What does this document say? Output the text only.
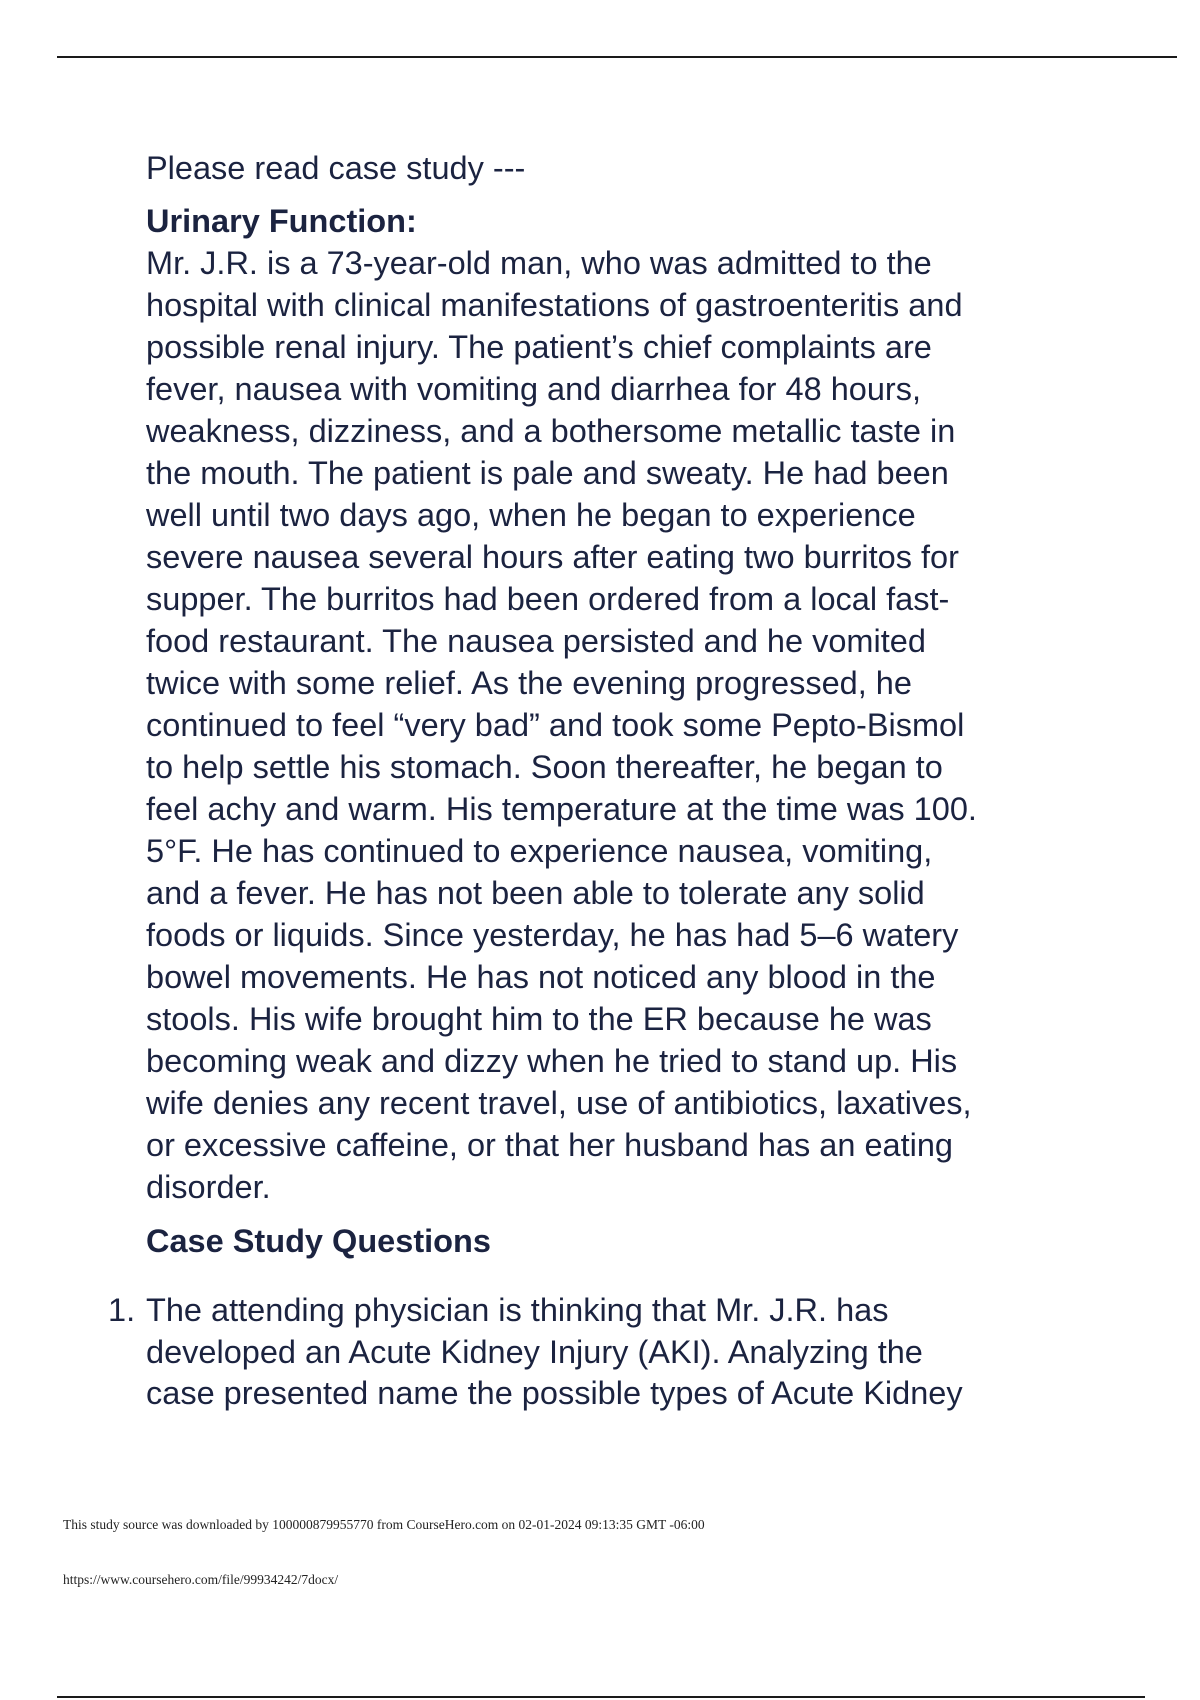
Please read case study ---

Urinary Function:

Mr. J.R. is a 73-year-old man, who was admitted to the
hospital with clinical manifestations of gastroenteritis and
possible renal injury. The patient’s chief complaints are
fever, nausea with vomiting and diarrhea for 48 hours,
weakness, dizziness, and a bothersome metallic taste in
the mouth. The patient is pale and sweaty. He had been
well until two days ago, when he began to experience
severe nausea several hours after eating two burritos for
supper. The burritos had been ordered from a local fast-
food restaurant. The nausea persisted and he vomited
twice with some relief. As the evening progressed, he
continued to feel “very bad” and took some Pepto-Bismol
to help settle his stomach. Soon thereafter, he began to
feel achy and warm. His temperature at the time was 100.
5°F. He has continued to experience nausea, vomiting,
and a fever. He has not been able to tolerate any solid
foods or liquids. Since yesterday, he has had 5–6 watery
bowel movements. He has not noticed any blood in the
stools. His wife brought him to the ER because he was
becoming weak and dizzy when he tried to stand up. His
wife denies any recent travel, use of antibiotics, laxatives,
or excessive caffeine, or that her husband has an eating
disorder.

Case Study Questions

1. The attending physician is thinking that Mr. J.R. has
developed an Acute Kidney Injury (AKI). Analyzing the
case presented name the possible types of Acute Kidney

This study source was downloaded by 100000879955770 from CourseHero.com on 02-01-2024 09:13:35 GMT -06:00
https://www.coursehero.com/file/99934242/7docx/
